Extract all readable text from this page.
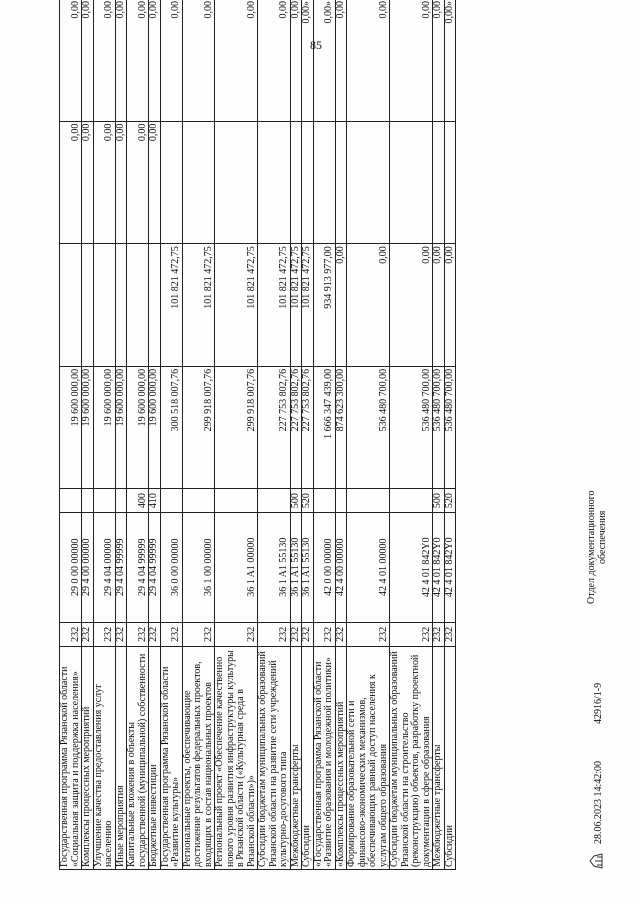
85
Государственная программа Рязанской области «Социальная защита и поддержка населения»	232	29 0 00 00000		19 600 000,00		0,00	0,00
Комплексы процессных мероприятий	232	29 4 00 00000		19 600 000,00		0,00	0,00
Улучшение качества предоставления услуг населению	232	29 4 04 00000		19 600 000,00		0,00	0,00
Иные мероприятия	232	29 4 04 99999		19 600 000,00		0,00	0,00
Капитальные вложения в объекты государственной (муниципальной) собственности	232	29 4 04 99999	400	19 600 000,00		0,00	0,00
Бюджетные инвестиции	232	29 4 04 99999	410	19 600 000,00		0,00	0,00
Государственная программа Рязанской области «Развитие культуры»	232	36 0 00 00000		300 518 007,76	101 821 472,75		0,00
Региональные проекты, обеспечивающие достижение результатов федеральных проектов, входящих в состав национальных проектов	232	36 1 00 00000		299 918 007,76	101 821 472,75		0,00
Региональный проект «Обеспечение качественно нового уровня развития инфраструктуры культуры в Рязанской области («Культурная среда в Рязанской области»)»	232	36 1 A1 00000		299 918 007,76	101 821 472,75		0,00
Субсидии бюджетам муниципальных образований Рязанской области на развитие сети учреждений культурно-досугового типа	232	36 1 A1 55130		227 753 802,76	101 821 472,75		0,00
Межбюджетные трансферты	232	36 1 A1 55130	500	227 753 802,76	101 821 472,75		0,00
Субсидии	232	36 1 A1 55130	520	227 753 802,76	101 821 472,75		0,00»
«Государственная программа Рязанской области «Развитие образования и молодежной политики»	232	42 0 00 00000		1 666 347 439,00	934 913 977,00		0,00»
«Комплексы процессных мероприятий	232	42 4 00 00000		874 623 300,00	0,00		0,00
Формирование образовательной сети и финансово-экономических механизмов, обеспечивающих равный доступ населения к услугам общего образования	232	42 4 01 00000		536 480 700,00	0,00		0,00
Субсидии бюджетам муниципальных образований Рязанской области на строительство (реконструкцию) объектов, разработку проектной документации в сфере образования	232	42 4 01 842Y0		536 480 700,00	0,00		0,00
Межбюджетные трансферты	232	42 4 01 842Y0	500	536 480 700,00	0,00		0,00
Субсидии	232	42 4 01 842Y0	520	536 480 700,00	0,00		0,00»
28.06.2023 14:42:00
42916/1-9
Отдел документационного обеспечения
